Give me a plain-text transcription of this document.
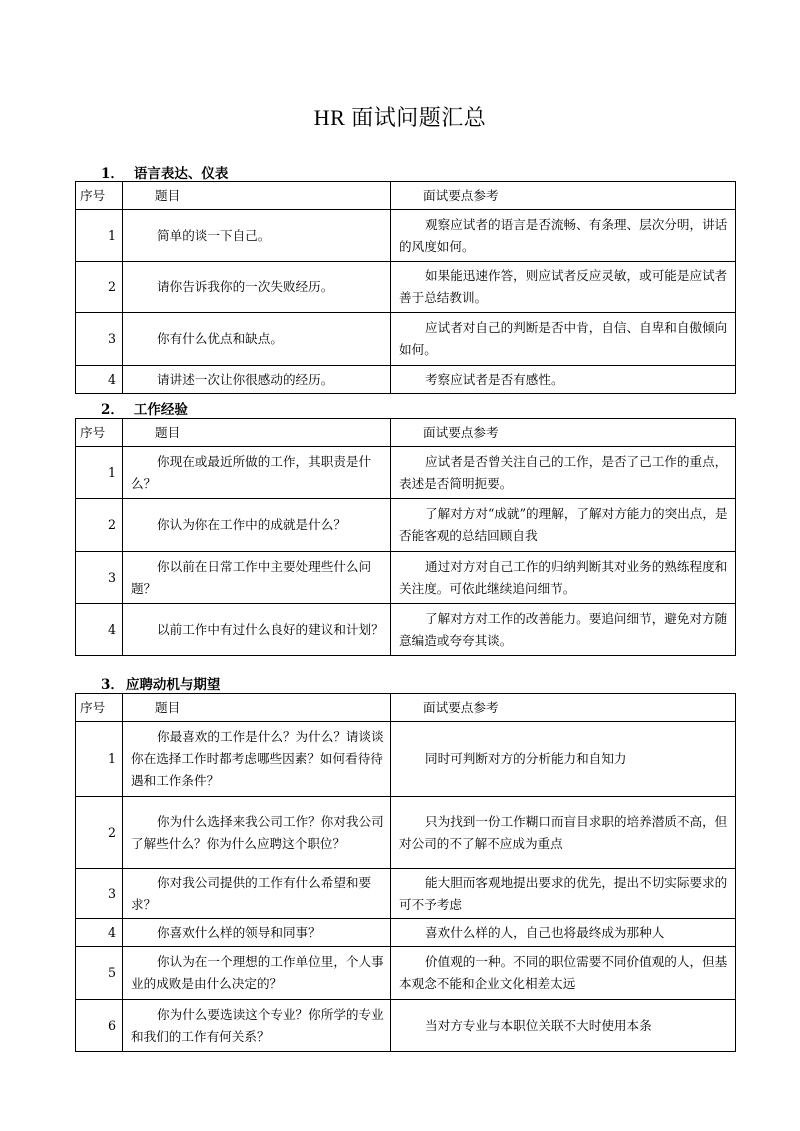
HR 面试问题汇总
1． 语言表达、仪表
序号	题目	面试要点参考
1	简单的谈一下自己。	观察应试者的语言是否流畅、有条理、层次分明，讲话的风度如何。
2	请你告诉我你的一次失败经历。	如果能迅速作答，则应试者反应灵敏，或可能是应试者善于总结教训。
3	你有什么优点和缺点。	应试者对自己的判断是否中肯，自信、自卑和自傲倾向如何。
4	请讲述一次让你很感动的经历。	考察应试者是否有感性。
2． 工作经验
序号	题目	面试要点参考
1	你现在或最近所做的工作，其职责是什么？	应试者是否曾关注自己的工作，是否了己工作的重点，表述是否简明扼要。
2	你认为你在工作中的成就是什么？	了解对方对“成就”的理解，了解对方能力的突出点，是否能客观的总结回顾自我
3	你以前在日常工作中主要处理些什么问题？	通过对方对自己工作的归纳判断其对业务的熟练程度和关注度。可依此继续追问细节。
4	以前工作中有过什么良好的建议和计划？	了解对方对工作的改善能力。要追问细节，避免对方随意编造或夸夸其谈。
3． 应聘动机与期望
序号	题目	面试要点参考
1	你最喜欢的工作是什么？为什么？请谈谈你在选择工作时都考虑哪些因素？如何看待待遇和工作条件？	同时可判断对方的分析能力和自知力
2	你为什么选择来我公司工作？你对我公司了解些什么？你为什么应聘这个职位？	只为找到一份工作糊口而盲目求职的培养潜质不高，但对公司的不了解不应成为重点
3	你对我公司提供的工作有什么希望和要求？	能大胆而客观地提出要求的优先，提出不切实际要求的可不予考虑
4	你喜欢什么样的领导和同事？	喜欢什么样的人，自己也将最终成为那种人
5	你认为在一个理想的工作单位里，个人事业的成败是由什么决定的？	价值观的一种。不同的职位需要不同价值观的人，但基本观念不能和企业文化相差太远
6	你为什么要选读这个专业？你所学的专业和我们的工作有何关系？	当对方专业与本职位关联不大时使用本条
